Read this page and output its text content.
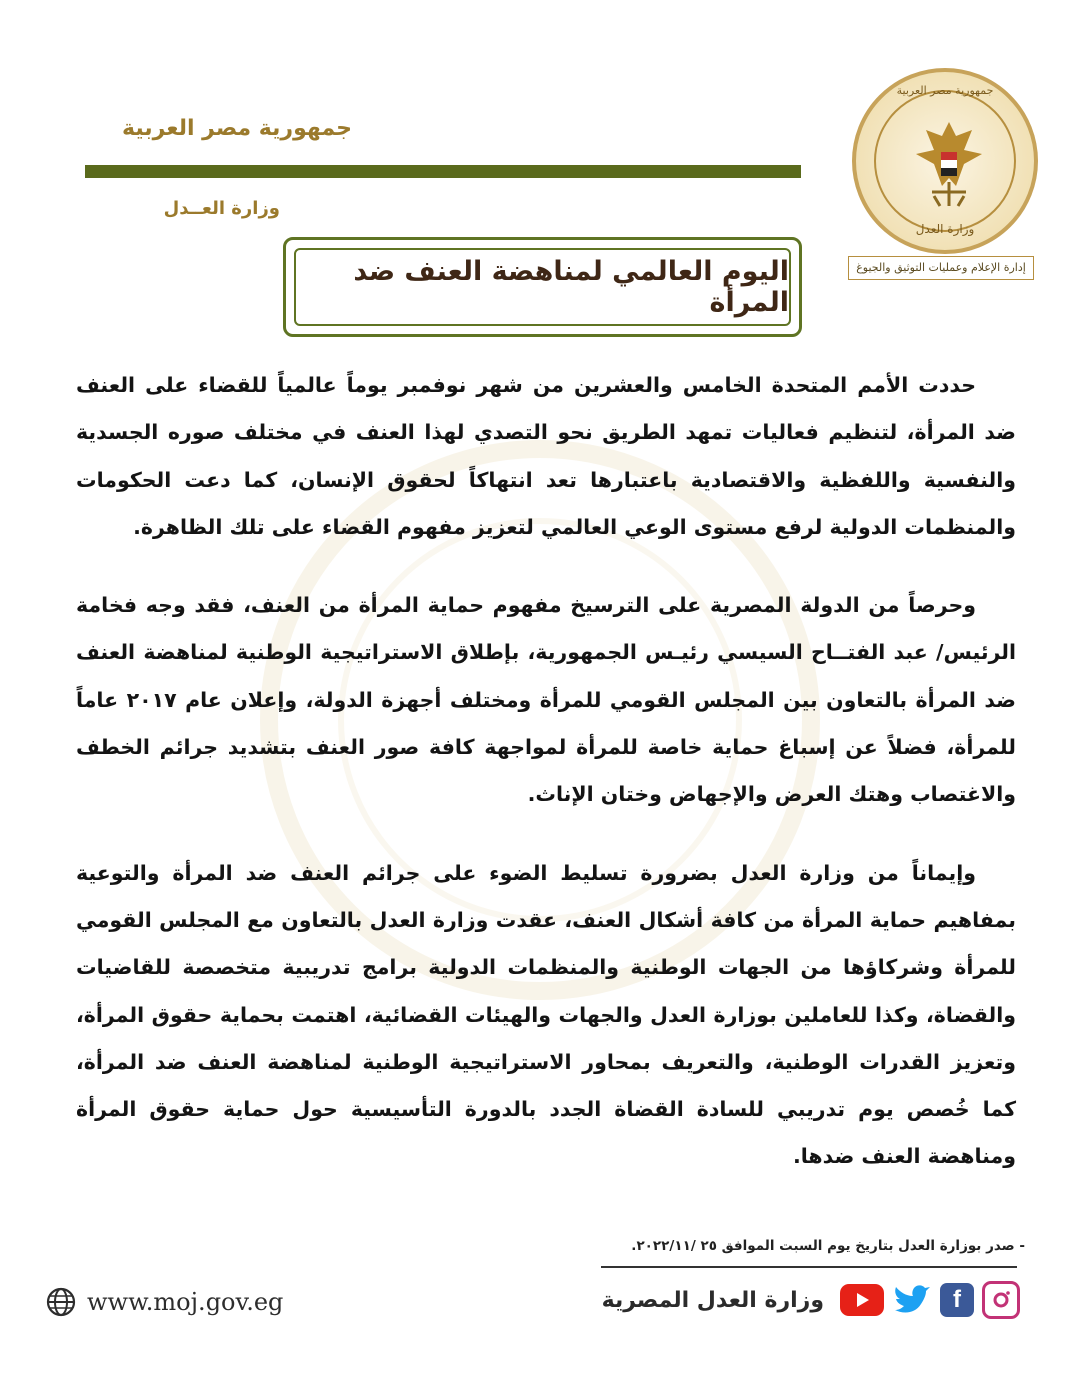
جمهورية مصر العربية
وزارة العدل
إدارة الإعلام وعمليات التوثيق والجيوغ
جمهورية مصر العربية
وزارة العــدل
اليوم العالمي لمناهضة العنف ضد المرأة

حددت الأمم المتحدة الخامس والعشرين من شهر نوفمبر يوماً عالمياً للقضاء على العنف ضد المرأة، لتنظيم فعاليات تمهد الطريق نحو التصدي لهذا العنف في مختلف صوره الجسدية والنفسية واللفظية والاقتصادية باعتبارها تعد انتهاكاً لحقوق الإنسان، كما دعت الحكومات والمنظمات الدولية لرفع مستوى الوعي العالمي لتعزيز مفهوم القضاء على تلك الظاهرة.

وحرصاً من الدولة المصرية على الترسيخ مفهوم حماية المرأة من العنف، فقد وجه فخامة الرئيس/ عبد الفتــاح السيسي رئيـس الجمهورية، بإطلاق الاستراتيجية الوطنية لمناهضة العنف ضد المرأة بالتعاون بين المجلس القومي للمرأة ومختلف أجهزة الدولة، وإعلان عام ٢٠١٧ عاماً للمرأة، فضلاً عن إسباغ حماية خاصة للمرأة لمواجهة كافة صور العنف بتشديد جرائم الخطف والاغتصاب وهتك العرض والإجهاض وختان الإناث.

وإيماناً من وزارة العدل بضرورة تسليط الضوء على جرائم العنف ضد المرأة والتوعية بمفاهيم حماية المرأة من كافة أشكال العنف، عقدت وزارة العدل بالتعاون مع المجلس القومي للمرأة وشركاؤها من الجهات الوطنية والمنظمات الدولية برامج تدريبية متخصصة للقاضيات والقضاة، وكذا للعاملين بوزارة العدل والجهات والهيئات القضائية، اهتمت بحماية حقوق المرأة، وتعزيز القدرات الوطنية، والتعريف بمحاور الاستراتيجية الوطنية لمناهضة العنف ضد المرأة، كما خُصص يوم تدريبي للسادة القضاة الجدد بالدورة التأسيسية حول حماية حقوق المرأة ومناهضة العنف ضدها.

- صدر بوزارة العدل بتاريخ يوم السبت الموافق ٢٥ /٢٠٢٢/١١.
f
وزارة العدل المصرية
www.moj.gov.eg
